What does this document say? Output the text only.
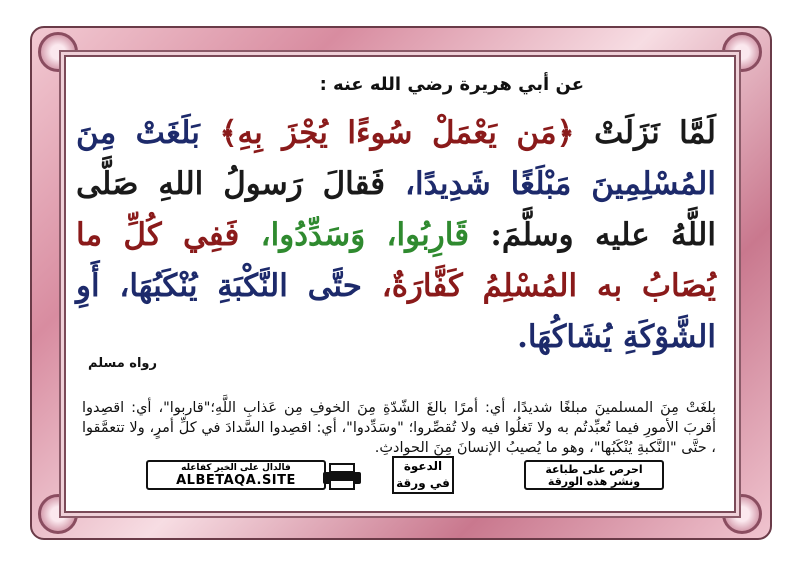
عن أبي هريرة رضي الله عنه :
لَمَّا نَزَلَتْ ﴿مَن يَعْمَلْ سُوءًا يُجْزَ بِهِ﴾ بَلَغَتْ مِنَ المُسْلِمِينَ مَبْلَغًا شَدِيدًا، فَقالَ رَسولُ اللهِ صَلَّى اللَّهُ عليه وسلَّمَ: قَارِبُوا، وَسَدِّدُوا، فَفِي كُلِّ ما يُصَابُ به المُسْلِمُ كَفَّارَةٌ، حتَّى النَّكْبَةِ يُنْكَبُهَا، أَوِ الشَّوْكَةِ يُشَاكُهَا.
رواه مسلم
بلغَتْ مِنَ المسلمينَ مبلغًا شديدًا، أي: أمرًا بالغَ الشّدّةِ مِنَ الخوفِ مِن عَذابِ اللَّهِ؛"قاربوا"، أي: اقصِدوا أقربَ الأمورِ فيما تُعبِّدتُم به ولا تَغلُوا فيه ولا تُقصِّروا؛ "وسَدِّدوا"، أي: اقصِدوا السَّدادَ في كلِّ أمرٍ، ولا تتعمَّقوا ، حتَّى "النَّكبةِ يُنْكَبُها"، وهو ما يُصيبُ الإنسانَ مِنَ الحوادثِ.
احرص على طباعة
ونشر هذه الورقة
الدعوة
في ورقة
فالدال على الخير كفاعله
ALBETAQA.SITE
